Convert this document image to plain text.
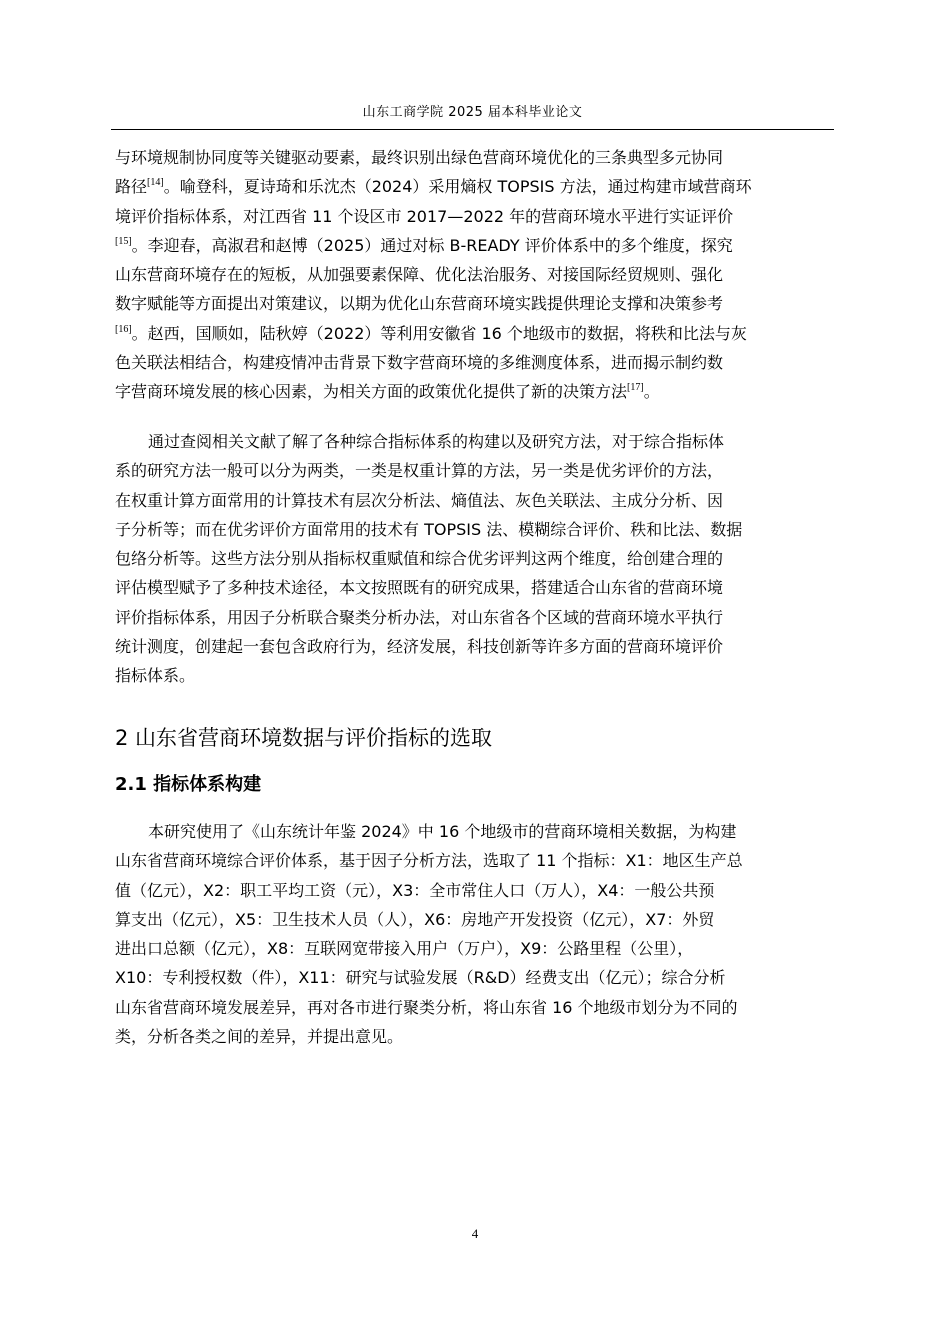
山东工商学院 2025 届本科毕业论文
与环境规制协同度等关键驱动要素，最终识别出绿色营商环境优化的三条典型多元协同
路径[14]。喻登科，夏诗琦和乐沈杰（2024）采用熵权 TOPSIS 方法，通过构建市域营商环
境评价指标体系，对江西省 11 个设区市 2017—2022 年的营商环境水平进行实证评价
[15]。李迎春，高淑君和赵博（2025）通过对标 B-READY 评价体系中的多个维度，探究
山东营商环境存在的短板，从加强要素保障、优化法治服务、对接国际经贸规则、强化
数字赋能等方面提出对策建议，以期为优化山东营商环境实践提供理论支撑和决策参考
[16]。赵西，国顺如，陆秋婷（2022）等利用安徽省 16 个地级市的数据，将秩和比法与灰
色关联法相结合，构建疫情冲击背景下数字营商环境的多维测度体系，进而揭示制约数
字营商环境发展的核心因素，为相关方面的政策优化提供了新的决策方法[17]。
通过查阅相关文献了解了各种综合指标体系的构建以及研究方法，对于综合指标体
系的研究方法一般可以分为两类，一类是权重计算的方法，另一类是优劣评价的方法，
在权重计算方面常用的计算技术有层次分析法、熵值法、灰色关联法、主成分分析、因
子分析等；而在优劣评价方面常用的技术有 TOPSIS 法、模糊综合评价、秩和比法、数据
包络分析等。这些方法分别从指标权重赋值和综合优劣评判这两个维度，给创建合理的
评估模型赋予了多种技术途径，本文按照既有的研究成果，搭建适合山东省的营商环境
评价指标体系，用因子分析联合聚类分析办法，对山东省各个区域的营商环境水平执行
统计测度，创建起一套包含政府行为，经济发展，科技创新等许多方面的营商环境评价
指标体系。
2 山东省营商环境数据与评价指标的选取
2.1 指标体系构建
本研究使用了《山东统计年鉴 2024》中 16 个地级市的营商环境相关数据，为构建
山东省营商环境综合评价体系，基于因子分析方法，选取了 11 个指标：X1：地区生产总
值（亿元），X2：职工平均工资（元），X3：全市常住人口（万人），X4：一般公共预
算支出（亿元），X5：卫生技术人员（人），X6：房地产开发投资（亿元），X7：外贸
进出口总额（亿元），X8：互联网宽带接入用户（万户），X9：公路里程（公里），
X10：专利授权数（件），X11：研究与试验发展（R&D）经费支出（亿元）；综合分析
山东省营商环境发展差异，再对各市进行聚类分析，将山东省 16 个地级市划分为不同的
类，分析各类之间的差异，并提出意见。
4
